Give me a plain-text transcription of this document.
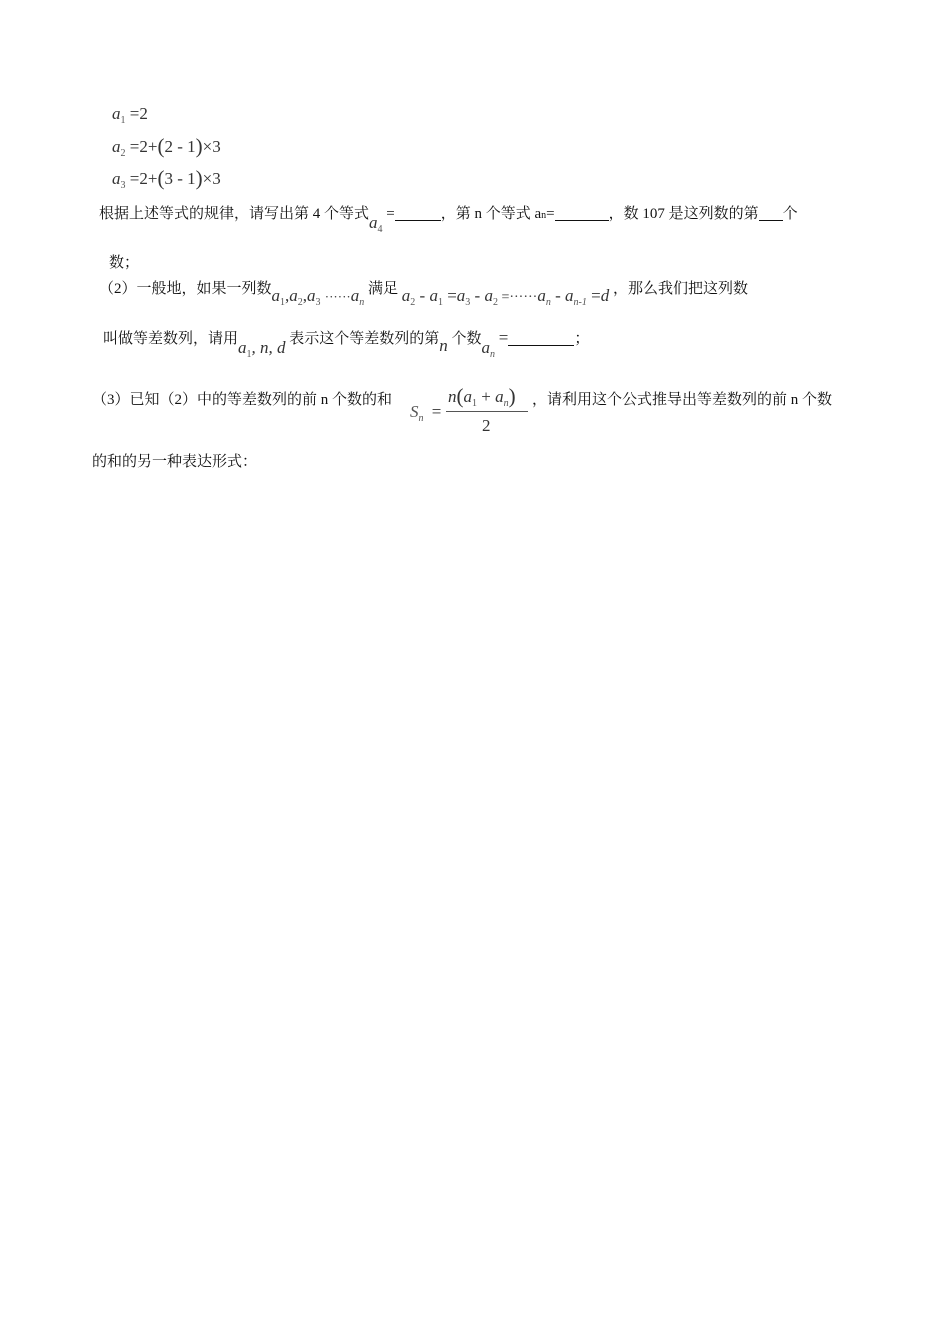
$a_1 =2$
$a_2 =2+(2 - 1)\times 3$
$a_3 =2+(3 - 1)\times 3$
根据上述等式的规律，请写出第 4 个等式$a_4$ =	，第 n 个等式 an=	，数 107 是这列数的第 个
数；
（2）一般地，如果一列数$a_1,a_2,a_3 \cdot\cdot\cdot\cdot\cdot\cdot a_n$ 满足 $a_2 - a_1 =a_3 - a_2 =\cdot\cdot\cdot\cdot\cdot\cdot a_n - a_{n-1} =d$ ，那么我们把这列数
叫做等差数列，请用$a_1$, n, d 表示这个等差数列的第n 个数$a_n$ =	；
（3）已知（2）中的等差数列的前 n 个数的和
$S_n$ =
$n(a_1 + a_n)$
2
，请利用这个公式推导出等差数列的前 n 个数
的和的另一种表达形式：
